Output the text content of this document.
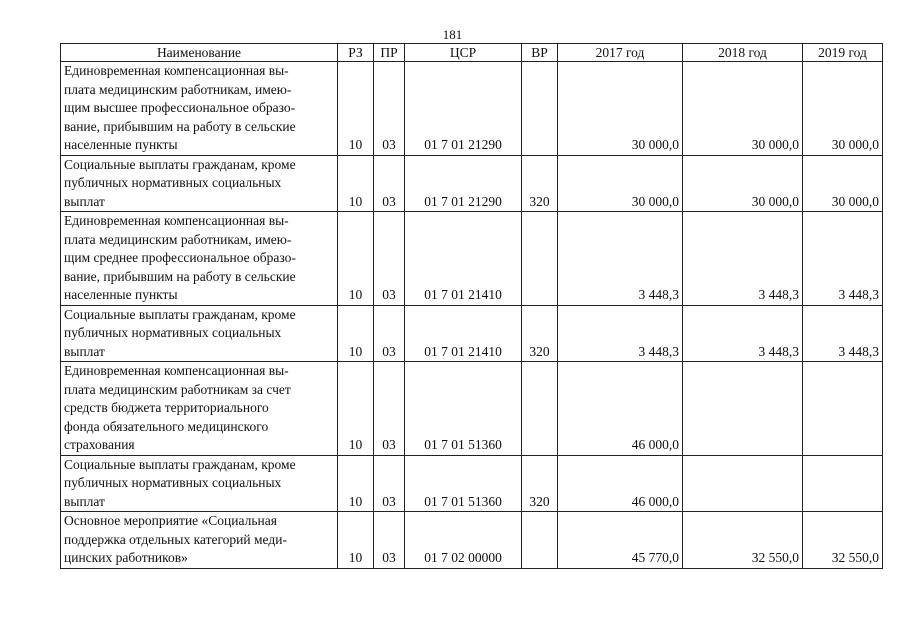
181
Наименование	РЗ	ПР	ЦСР	ВР	2017 год	2018 год	2019 год
Единовременная компенсационная вы-
плата медицинским работникам, имею-
щим высшее профессиональное образо-
вание, прибывшим на работу в сельские
населенные пункты	10	03	01 7 01 21290		30 000,0	30 000,0	30 000,0
Социальные выплаты гражданам, кроме
публичных нормативных социальных
выплат	10	03	01 7 01 21290	320	30 000,0	30 000,0	30 000,0
Единовременная компенсационная вы-
плата медицинским работникам, имею-
щим среднее профессиональное образо-
вание, прибывшим на работу в сельские
населенные пункты	10	03	01 7 01 21410		3 448,3	3 448,3	3 448,3
Социальные выплаты гражданам, кроме
публичных нормативных социальных
выплат	10	03	01 7 01 21410	320	3 448,3	3 448,3	3 448,3
Единовременная компенсационная вы-
плата медицинским работникам за счет
средств бюджета территориального
фонда обязательного медицинского
страхования	10	03	01 7 01 51360		46 000,0		
Социальные выплаты гражданам, кроме
публичных нормативных социальных
выплат	10	03	01 7 01 51360	320	46 000,0		
Основное мероприятие «Социальная
поддержка отдельных категорий меди-
цинских работников»	10	03	01 7 02 00000		45 770,0	32 550,0	32 550,0
